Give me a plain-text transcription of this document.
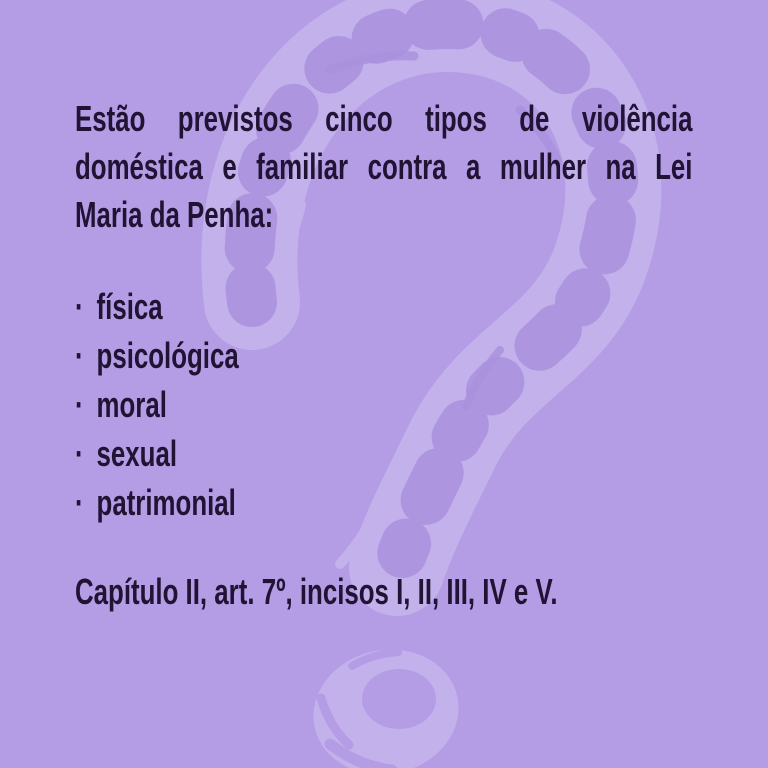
Estão previstos cinco tipos de violência
doméstica e familiar contra a mulher na Lei
Maria da Penha:
· física
· psicológica
· moral
· sexual
· patrimonial
Capítulo II, art. 7º, incisos I, II, III, IV e V.
